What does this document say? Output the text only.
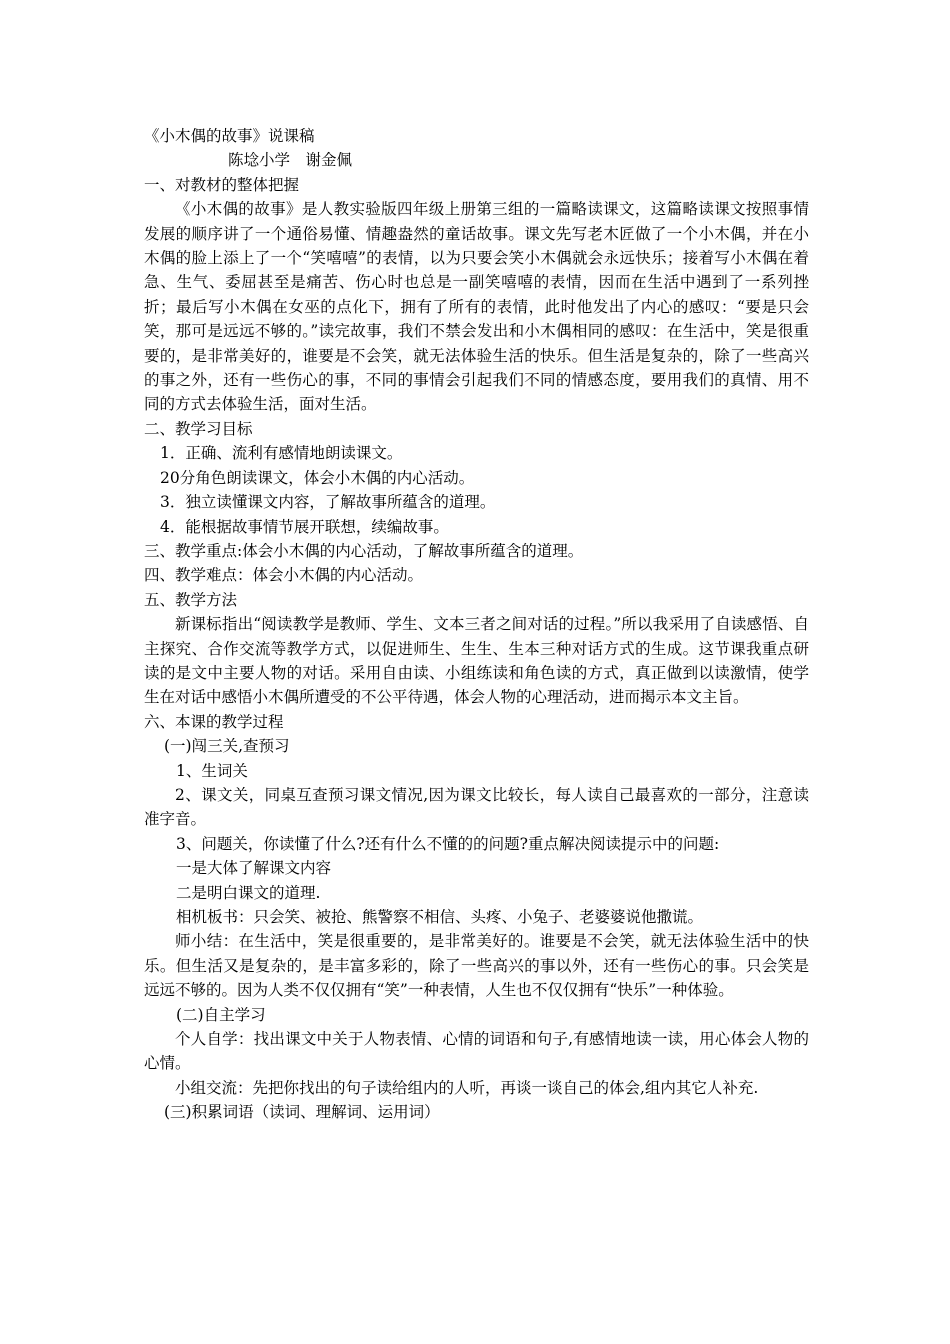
《小木偶的故事》说课稿
陈埝小学　谢金佩
一、对教材的整体把握
《小木偶的故事》是人教实验版四年级上册第三组的一篇略读课文，这篇略读课文按照事情发展的顺序讲了一个通俗易懂、情趣盎然的童话故事。课文先写老木匠做了一个小木偶，并在小木偶的脸上添上了一个“笑嘻嘻”的表情，以为只要会笑小木偶就会永远快乐；接着写小木偶在着急、生气、委屈甚至是痛苦、伤心时也总是一副笑嘻嘻的表情，因而在生活中遇到了一系列挫折；最后写小木偶在女巫的点化下，拥有了所有的表情，此时他发出了内心的感叹：“要是只会笑，那可是远远不够的。”读完故事，我们不禁会发出和小木偶相同的感叹：在生活中，笑是很重要的，是非常美好的，谁要是不会笑，就无法体验生活的快乐。但生活是复杂的，除了一些高兴的事之外，还有一些伤心的事，不同的事情会引起我们不同的情感态度，要用我们的真情、用不同的方式去体验生活，面对生活。
二、教学习目标
1．正确、流利有感情地朗读课文。
20分角色朗读课文，体会小木偶的内心活动。
3．独立读懂课文内容，了解故事所蕴含的道理。
4．能根据故事情节展开联想，续编故事。
三、教学重点:体会小木偶的内心活动，了解故事所蕴含的道理。
四、教学难点：体会小木偶的内心活动。
五、教学方法
新课标指出“阅读教学是教师、学生、文本三者之间对话的过程。”所以我采用了自读感悟、自主探究、合作交流等教学方式，以促进师生、生生、生本三种对话方式的生成。这节课我重点研读的是文中主要人物的对话。采用自由读、小组练读和角色读的方式，真正做到以读激情，使学生在对话中感悟小木偶所遭受的不公平待遇，体会人物的心理活动，进而揭示本文主旨。
六、本课的教学过程
(一)闯三关,查预习
1、生词关
2、课文关，同桌互查预习课文情况,因为课文比较长，每人读自己最喜欢的一部分，注意读准字音。
3、问题关，你读懂了什么?还有什么不懂的的问题?重点解决阅读提示中的问题:
一是大体了解课文内容
二是明白课文的道理.
相机板书：只会笑、被抢、熊警察不相信、头疼、小兔子、老婆婆说他撒谎。
师小结：在生活中，笑是很重要的，是非常美好的。谁要是不会笑，就无法体验生活中的快乐。但生活又是复杂的，是丰富多彩的，除了一些高兴的事以外，还有一些伤心的事。只会笑是远远不够的。因为人类不仅仅拥有“笑”一种表情，人生也不仅仅拥有“快乐”一种体验。
(二)自主学习
个人自学：找出课文中关于人物表情、心情的词语和句子,有感情地读一读，用心体会人物的心情。
小组交流：先把你找出的句子读给组内的人听，再谈一谈自己的体会,组内其它人补充.
(三)积累词语（读词、理解词、运用词）
